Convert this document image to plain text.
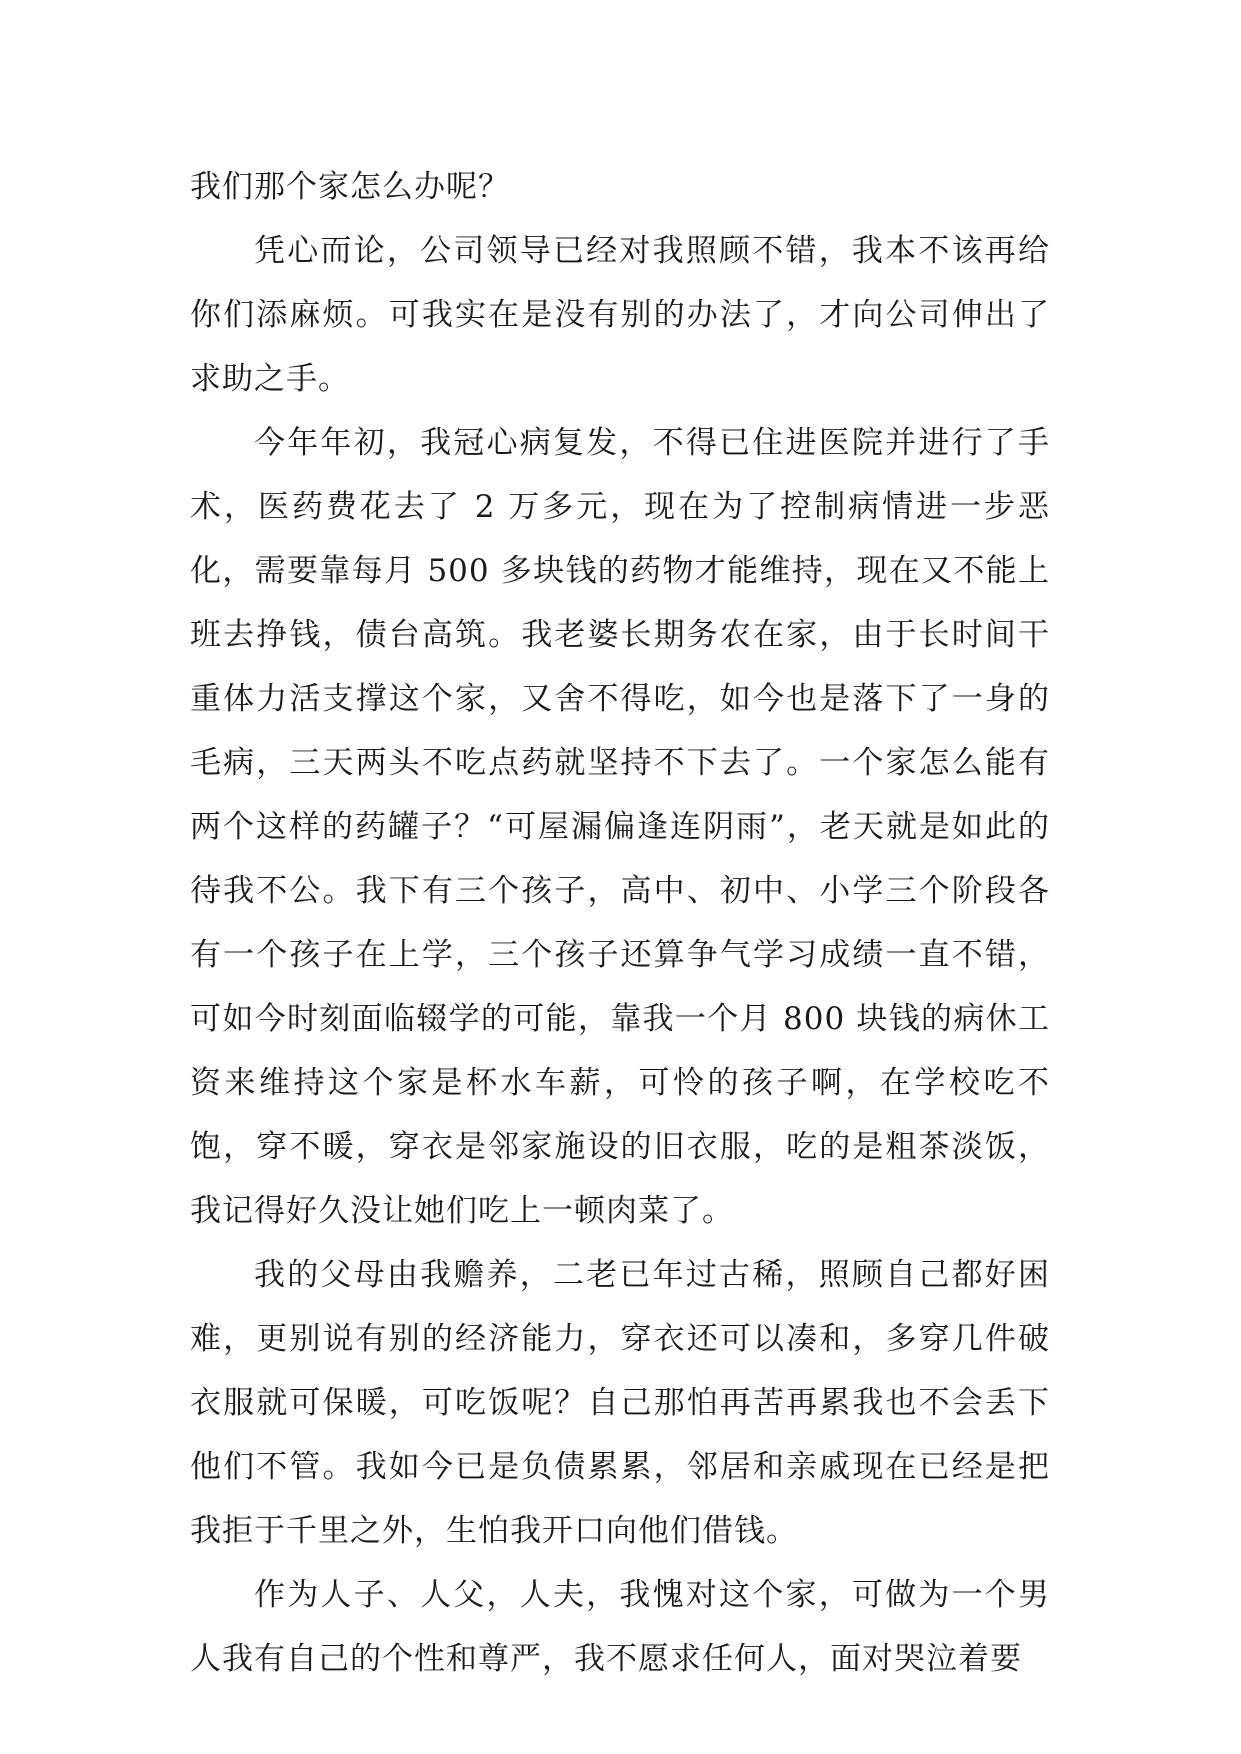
我们那个家怎么办呢？

凭心而论，公司领导已经对我照顾不错，我本不该再给你们添麻烦。可我实在是没有别的办法了，才向公司伸出了求助之手。

今年年初，我冠心病复发，不得已住进医院并进行了手术，医药费花去了 2 万多元，现在为了控制病情进一步恶化，需要靠每月 500 多块钱的药物才能维持，现在又不能上班去挣钱，债台高筑。我老婆长期务农在家，由于长时间干重体力活支撑这个家，又舍不得吃，如今也是落下了一身的毛病，三天两头不吃点药就坚持不下去了。一个家怎么能有两个这样的药罐子？“可屋漏偏逢连阴雨”，老天就是如此的待我不公。我下有三个孩子，高中、初中、小学三个阶段各有一个孩子在上学，三个孩子还算争气学习成绩一直不错，可如今时刻面临辍学的可能，靠我一个月 800 块钱的病休工资来维持这个家是杯水车薪，可怜的孩子啊，在学校吃不饱，穿不暖，穿衣是邻家施设的旧衣服，吃的是粗茶淡饭，我记得好久没让她们吃上一顿肉菜了。

我的父母由我赡养，二老已年过古稀，照顾自己都好困难，更别说有别的经济能力，穿衣还可以凑和，多穿几件破衣服就可保暖，可吃饭呢？自己那怕再苦再累我也不会丢下他们不管。我如今已是负债累累，邻居和亲戚现在已经是把我拒于千里之外，生怕我开口向他们借钱。

作为人子、人父，人夫，我愧对这个家，可做为一个男人我有自己的个性和尊严，我不愿求任何人，面对哭泣着要
